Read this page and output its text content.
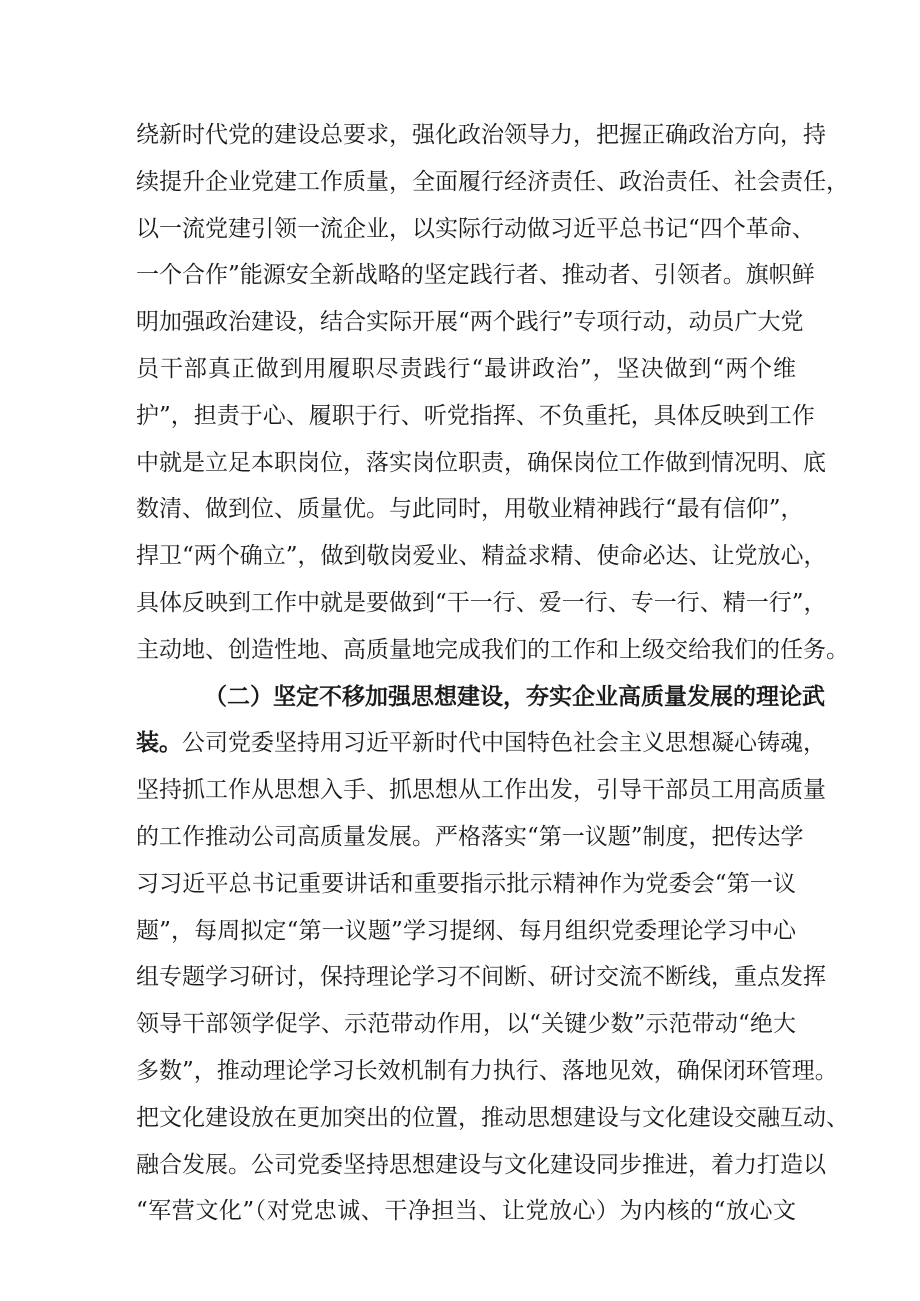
绕新时代党的建设总要求，强化政治领导力，把握正确政治方向，持
续提升企业党建工作质量，全面履行经济责任、政治责任、社会责任，
以一流党建引领一流企业，以实际行动做习近平总书记“四个革命、
一个合作”能源安全新战略的坚定践行者、推动者、引领者。旗帜鲜
明加强政治建设，结合实际开展“两个践行”专项行动，动员广大党
员干部真正做到用履职尽责践行“最讲政治”，坚决做到“两个维
护”，担责于心、履职于行、听党指挥、不负重托，具体反映到工作
中就是立足本职岗位，落实岗位职责，确保岗位工作做到情况明、底
数清、做到位、质量优。与此同时，用敬业精神践行“最有信仰”，
捍卫“两个确立”，做到敬岗爱业、精益求精、使命必达、让党放心，
具体反映到工作中就是要做到“干一行、爱一行、专一行、精一行”，
主动地、创造性地、高质量地完成我们的工作和上级交给我们的任务。
（二）坚定不移加强思想建设，夯实企业高质量发展的理论武
装。公司党委坚持用习近平新时代中国特色社会主义思想凝心铸魂，
坚持抓工作从思想入手、抓思想从工作出发，引导干部员工用高质量
的工作推动公司高质量发展。严格落实“第一议题”制度，把传达学
习习近平总书记重要讲话和重要指示批示精神作为党委会“第一议
题”，每周拟定“第一议题”学习提纲、每月组织党委理论学习中心
组专题学习研讨，保持理论学习不间断、研讨交流不断线，重点发挥
领导干部领学促学、示范带动作用，以“关键少数”示范带动“绝大
多数”，推动理论学习长效机制有力执行、落地见效，确保闭环管理。
把文化建设放在更加突出的位置，推动思想建设与文化建设交融互动、
融合发展。公司党委坚持思想建设与文化建设同步推进，着力打造以
“军营文化”（对党忠诚、干净担当、让党放心）为内核的“放心文
